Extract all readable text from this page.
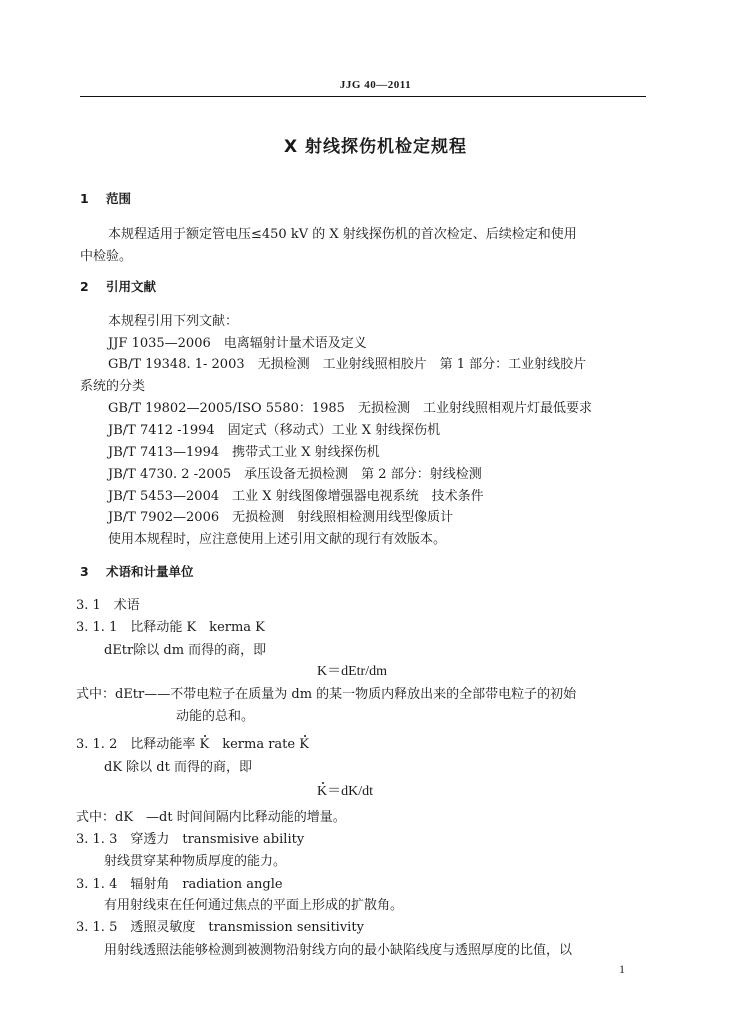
JJG 40—2011
X 射线探伤机检定规程
1 范围
本规程适用于额定管电压≤450 kV 的 X 射线探伤机的首次检定、后续检定和使用
中检验。
2 引用文献
本规程引用下列文献：
JJF 1035—2006　电离辐射计量术语及定义
GB/T 19348. 1- 2003　无损检测　工业射线照相胶片　第 1 部分：工业射线胶片
系统的分类
GB/T 19802—2005/ISO 5580：1985　无损检测　工业射线照相观片灯最低要求
JB/T 7412 -1994　固定式（移动式）工业 X 射线探伤机
JB/T 7413—1994　携带式工业 X 射线探伤机
JB/T 4730. 2 -2005　承压设备无损检测　第 2 部分：射线检测
JB/T 5453—2004　工业 X 射线图像增强器电视系统　技术条件
JB/T 7902—2006　无损检测　射线照相检测用线型像质计
使用本规程时，应注意使用上述引用文献的现行有效版本。
3 术语和计量单位
3. 1　术语
3. 1. 1　比释动能 K　kerma K
dEtr除以 dm 而得的商，即
K＝dEtr/dm
式中：dEtr——不带电粒子在质量为 dm 的某一物质内释放出来的全部带电粒子的初始
动能的总和。
3. 1. 2　比释动能率 K　kerma rate K
dK 除以 dt 而得的商，即
K＝dK/dt
式中：dK　—dt 时间间隔内比释动能的增量。
3. 1. 3　穿透力　transmisive ability
射线贯穿某种物质厚度的能力。
3. 1. 4　辐射角　radiation angle
有用射线束在任何通过焦点的平面上形成的扩散角。
3. 1. 5　透照灵敏度　transmission sensitivity
用射线透照法能够检测到被测物沿射线方向的最小缺陷线度与透照厚度的比值，以
1
